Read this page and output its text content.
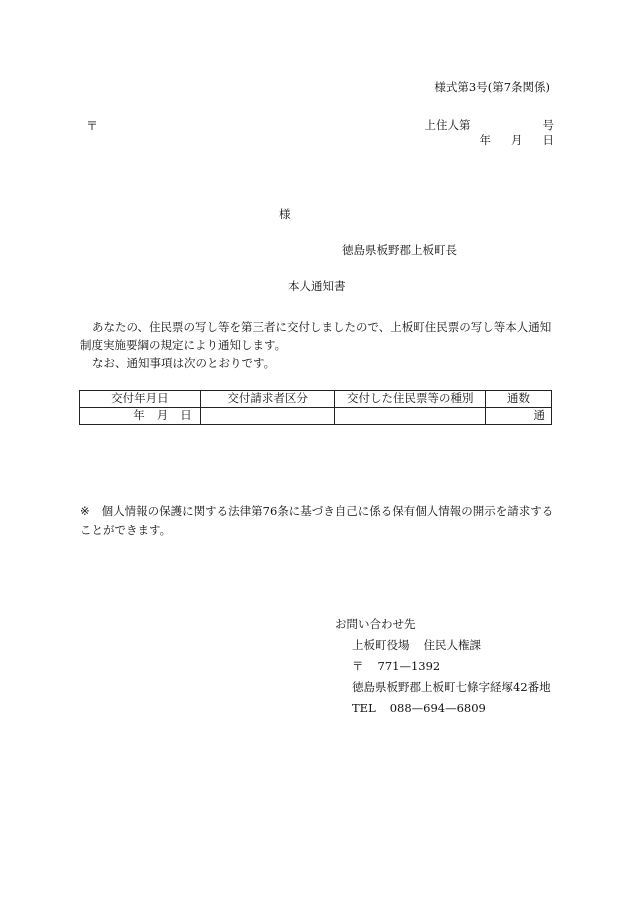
様式第3号(第7条関係)
〒	上住人第	号
年 月 日
様
徳島県板野郡上板町長
本人通知書

あなたの、住民票の写し等を第三者に交付しましたので、上板町住民票の写し等本人通知制度実施要綱の規定により通知します。

なお、通知事項は次のとおりです。

交付年月日	交付請求者区分	交付した住民票等の種別	通数
年 月 日			通
※ 個人情報の保護に関する法律第76条に基づき自己に係る保有個人情報の開示を請求することができます。
お問い合わせ先
上板町役場 住民人権課
〒 771—1392
徳島県板野郡上板町七條字経塚42番地
TEL 088—694—6809
